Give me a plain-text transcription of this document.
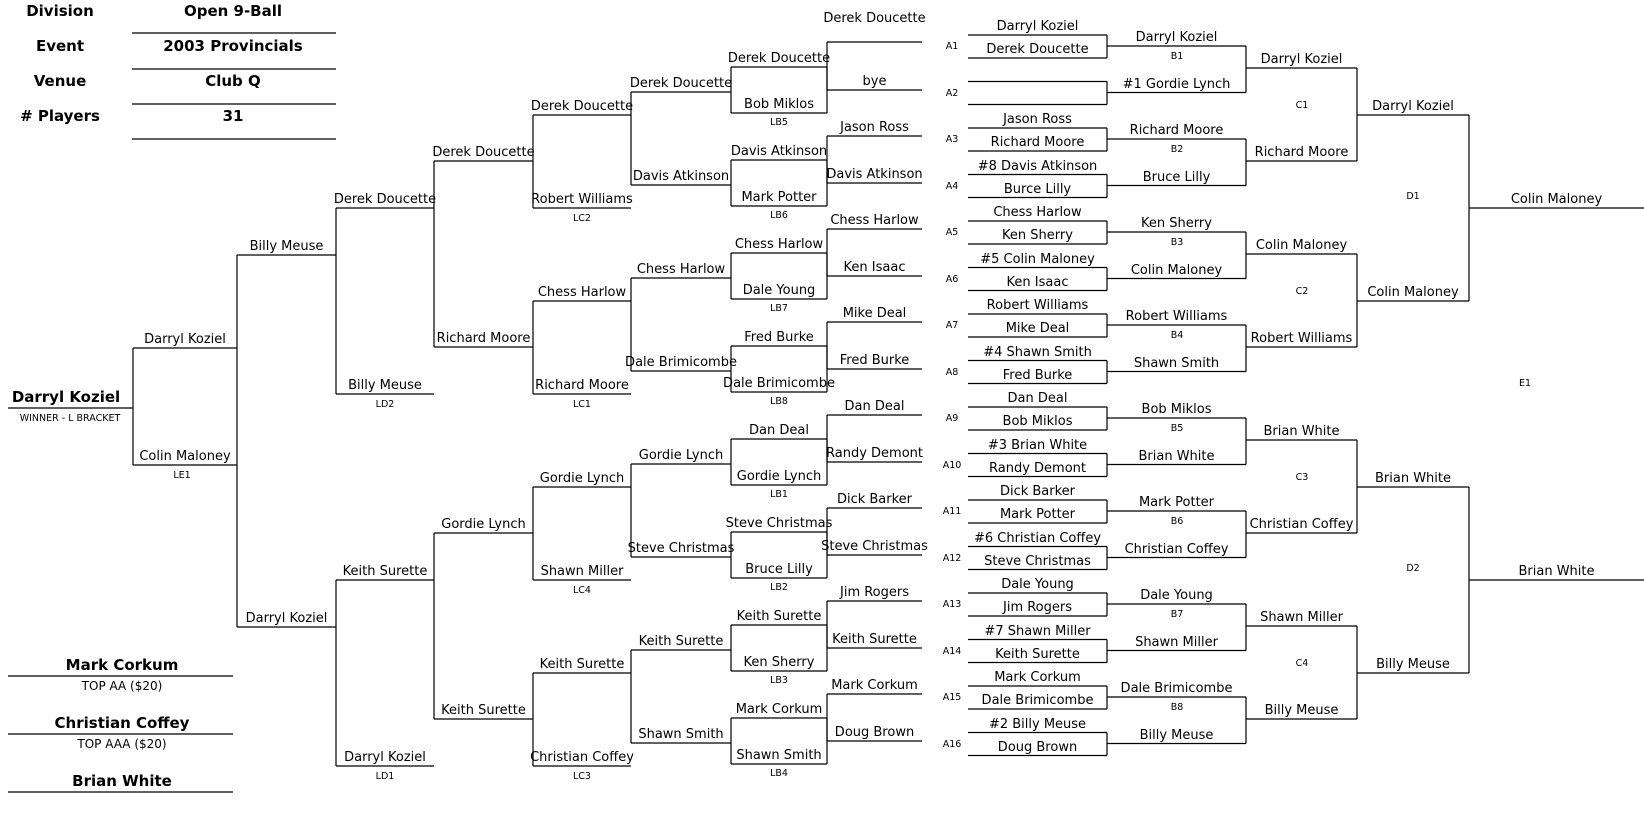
Division	Open 9-Ball
Event	2003 Provincials
Venue	Club Q
# Players	31
Darryl Koziel
Derek Doucette
A1
A2
Jason Ross
Richard Moore
A3
#8 Davis Atkinson
Burce Lilly
A4
Chess Harlow
Ken Sherry
A5
#5 Colin Maloney
Ken Isaac
A6
Robert Williams
Mike Deal
A7
#4 Shawn Smith
Fred Burke
A8
Dan Deal
Bob Miklos
A9
#3 Brian White
Randy Demont
A10
Dick Barker
Mark Potter
A11
#6 Christian Coffey
Steve Christmas
A12
Dale Young
Jim Rogers
A13
#7 Shawn Miller
Keith Surette
A14
Mark Corkum
Dale Brimicombe
A15
#2 Billy Meuse
Doug Brown
A16
Darryl Koziel
#1 Gordie Lynch
B1
Richard Moore
Bruce Lilly
B2
Ken Sherry
Colin Maloney
B3
Robert Williams
Shawn Smith
B4
Bob Miklos
Brian White
B5
Mark Potter
Christian Coffey
B6
Dale Young
Shawn Miller
B7
Dale Brimicombe
Billy Meuse
B8
Darryl Koziel
Richard Moore
C1
Colin Maloney
Robert Williams
C2
Brian White
Christian Coffey
C3
Shawn Miller
Billy Meuse
C4
Darryl Koziel
Colin Maloney
D1
Brian White
Billy Meuse
D2
Colin Maloney
Brian White
E1
Derek Doucette
bye
Derek Doucette
Bob Miklos
LB5	Jason Ross
Davis Atkinson
Davis Atkinson
Mark Potter
LB6	Chess Harlow
Ken Isaac
Chess Harlow
Dale Young
LB7	Mike Deal
Fred Burke
Fred Burke
Dale Brimicombe
LB8	Dan Deal
Randy Demont
Dan Deal
Gordie Lynch
LB1	Dick Barker
Steve Christmas
Steve Christmas
Bruce Lilly
LB2	Jim Rogers
Keith Surette
Keith Surette
Ken Sherry
LB3	Mark Corkum
Doug Brown
Mark Corkum
Shawn Smith
LB4
Derek Doucette
Davis Atkinson
Chess Harlow
Dale Brimicombe
Gordie Lynch
Steve Christmas
Keith Surette
Shawn Smith
Derek Doucette
Robert Williams
LC2
Chess Harlow
Richard Moore
LC1
Gordie Lynch
Shawn Miller
LC4
Keith Surette
Christian Coffey
LC3
Derek Doucette
Richard Moore
Gordie Lynch
Keith Surette
Derek Doucette
Billy Meuse
LD2
Keith Surette
Darryl Koziel
LD1
Billy Meuse
Darryl Koziel
Darryl Koziel
Colin Maloney
LE1
Darryl Koziel
WINNER - L BRACKET
Mark Corkum
TOP AA ($20)
Christian Coffey
TOP AAA ($20)
Brian White
